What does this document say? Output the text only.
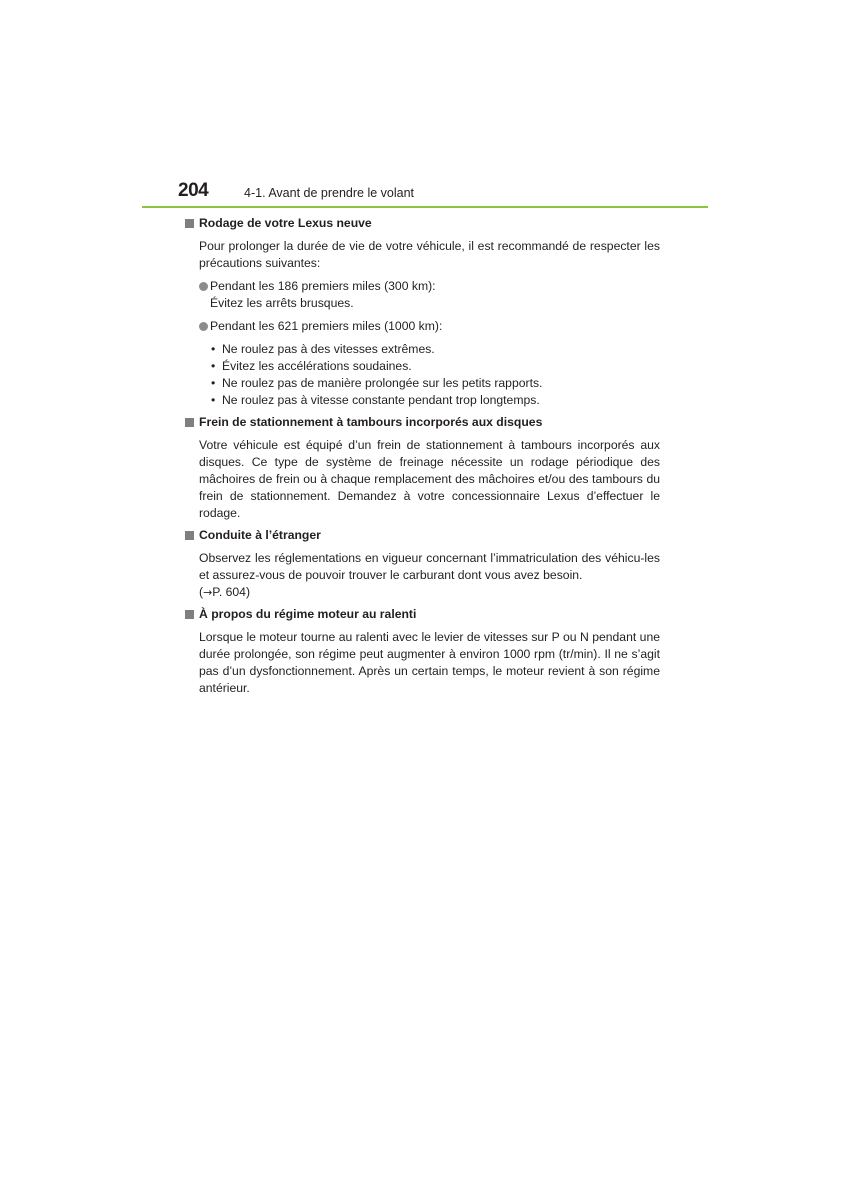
204	4-1. Avant de prendre le volant

Rodage de votre Lexus neuve

Pour prolonger la durée de vie de votre véhicule, il est recommandé de respecter les précautions suivantes:

Pendant les 186 premiers miles (300 km):
Évitez les arrêts brusques.
Pendant les 621 premiers miles (1000 km):
• Ne roulez pas à des vitesses extrêmes.
• Évitez les accélérations soudaines.
• Ne roulez pas de manière prolongée sur les petits rapports.
• Ne roulez pas à vitesse constante pendant trop longtemps.

Frein de stationnement à tambours incorporés aux disques

Votre véhicule est équipé d’un frein de stationnement à tambours incorporés aux disques. Ce type de système de freinage nécessite un rodage périodique des mâchoires de frein ou à chaque remplacement des mâchoires et/ou des tambours du frein de stationnement. Demandez à votre concessionnaire Lexus d’effectuer le rodage.

Conduite à l’étranger

Observez les réglementations en vigueur concernant l’immatriculation des véhicu-les et assurez-vous de pouvoir trouver le carburant dont vous avez besoin.
(→P. 604)

À propos du régime moteur au ralenti

Lorsque le moteur tourne au ralenti avec le levier de vitesses sur P ou N pendant une durée prolongée, son régime peut augmenter à environ 1000 rpm (tr/min). Il ne s’agit pas d’un dysfonctionnement. Après un certain temps, le moteur revient à son régime antérieur.
